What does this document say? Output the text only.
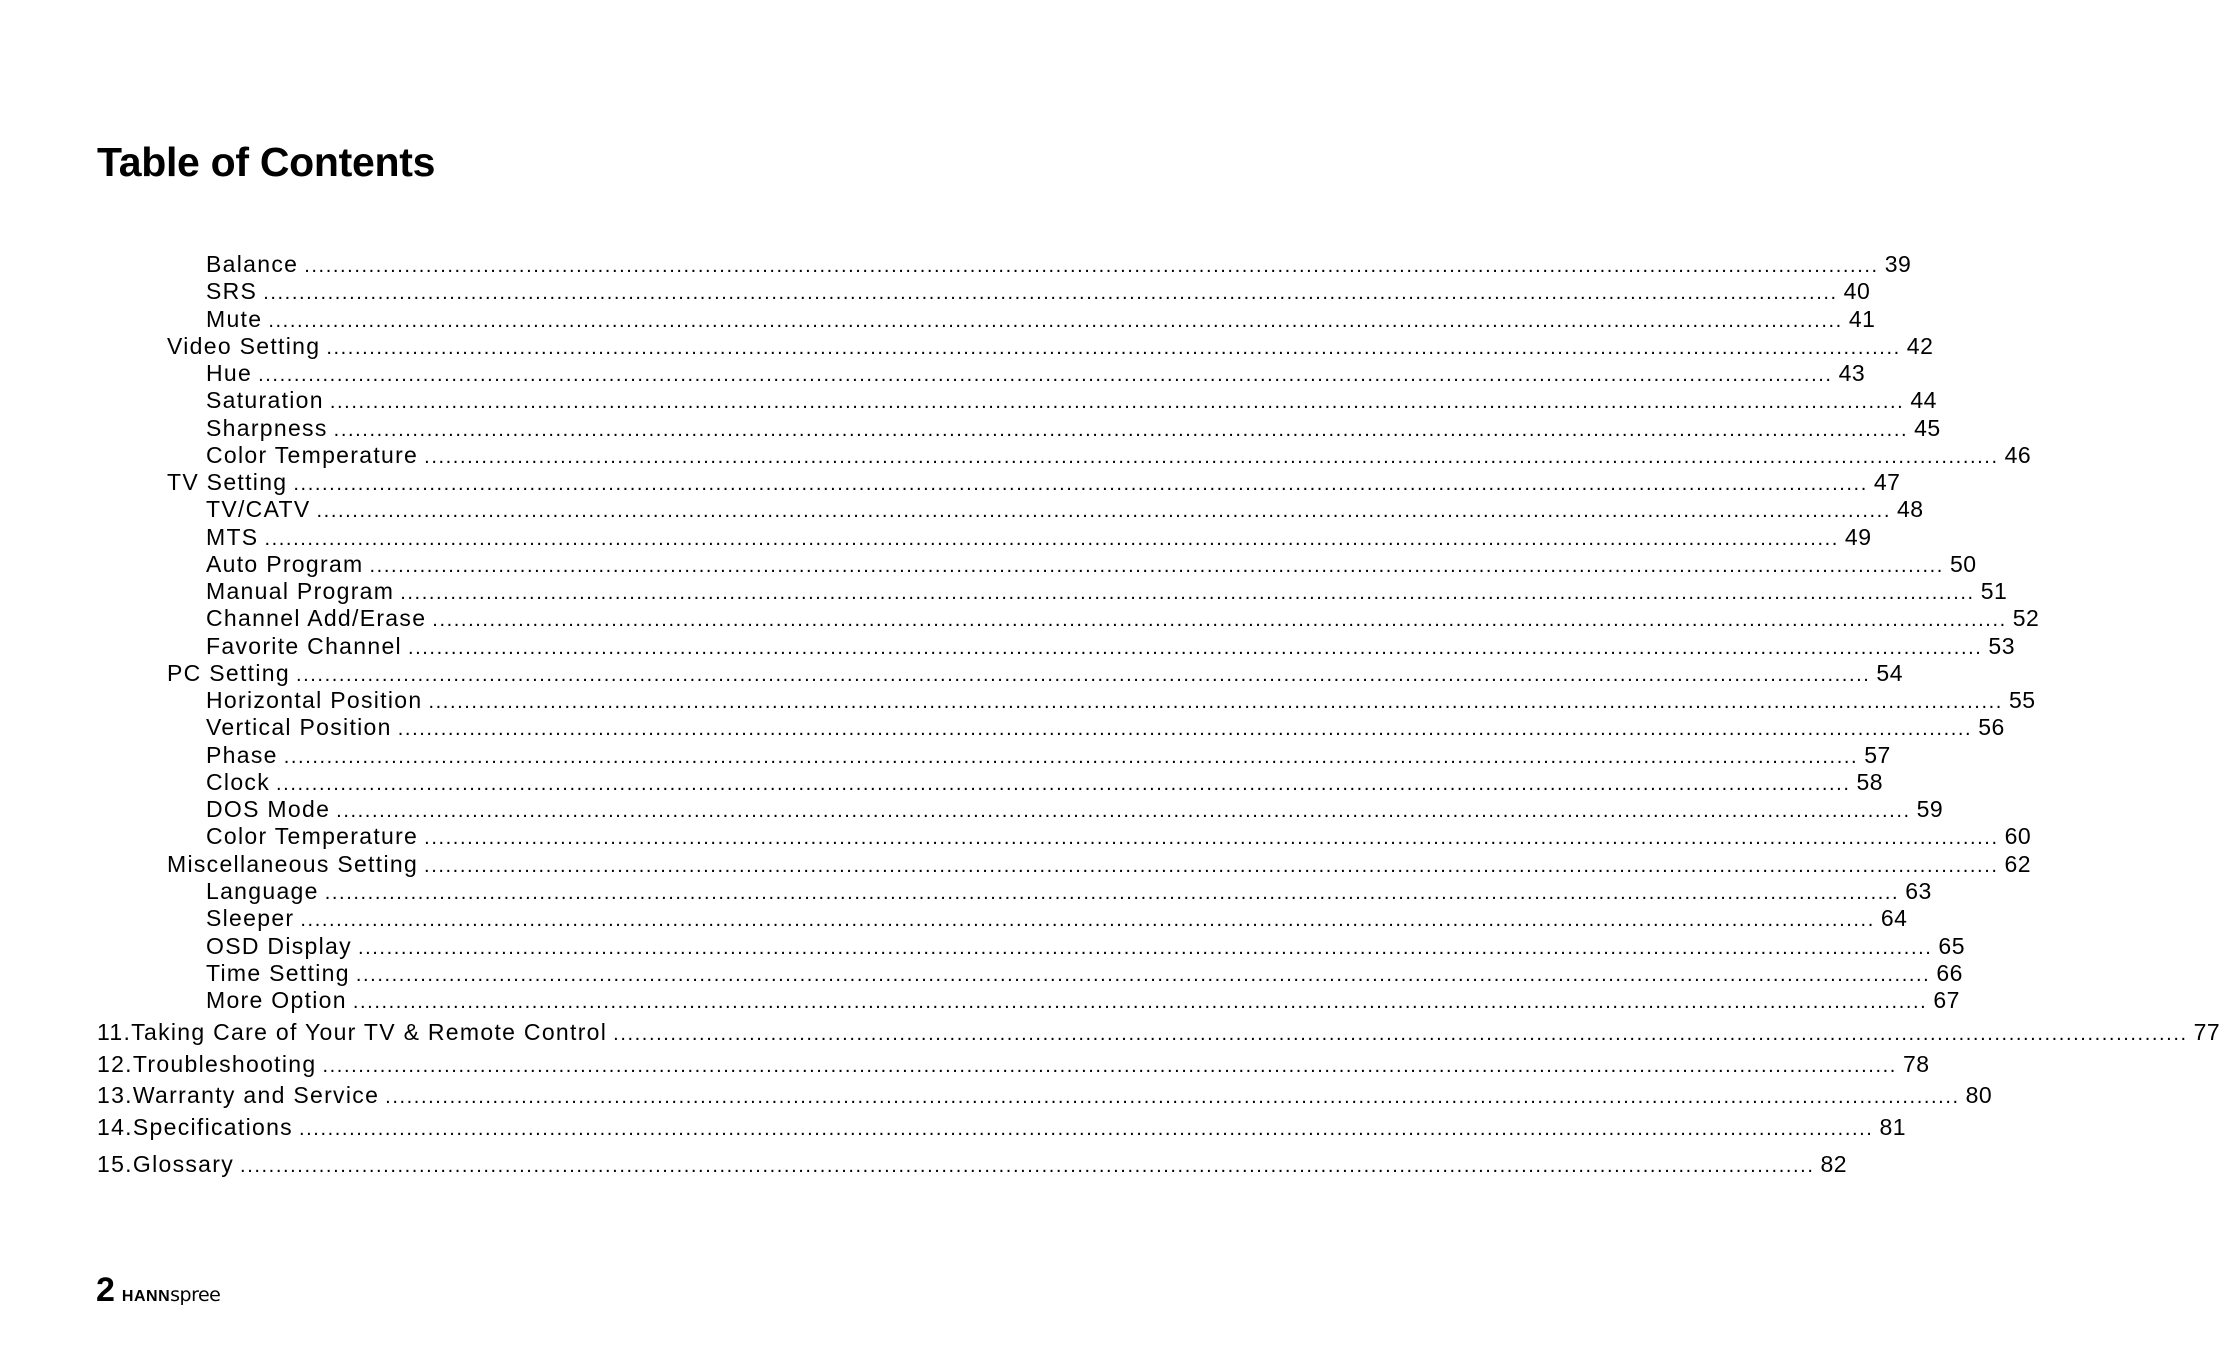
Table of Contents
Balance ............................................................................................................................................................................................................................ 39
SRS ............................................................................................................................................................................................................................ 40
Mute ............................................................................................................................................................................................................................ 41
Video Setting ............................................................................................................................................................................................................................ 42
Hue ............................................................................................................................................................................................................................ 43
Saturation ............................................................................................................................................................................................................................ 44
Sharpness ............................................................................................................................................................................................................................ 45
Color Temperature ............................................................................................................................................................................................................................ 46
TV Setting ............................................................................................................................................................................................................................ 47
TV/CATV ............................................................................................................................................................................................................................ 48
MTS ............................................................................................................................................................................................................................ 49
Auto Program ............................................................................................................................................................................................................................ 50
Manual Program ............................................................................................................................................................................................................................ 51
Channel Add/Erase ............................................................................................................................................................................................................................ 52
Favorite Channel ............................................................................................................................................................................................................................ 53
PC Setting ............................................................................................................................................................................................................................ 54
Horizontal Position ............................................................................................................................................................................................................................ 55
Vertical Position ............................................................................................................................................................................................................................ 56
Phase ............................................................................................................................................................................................................................ 57
Clock ............................................................................................................................................................................................................................ 58
DOS Mode ............................................................................................................................................................................................................................ 59
Color Temperature ............................................................................................................................................................................................................................ 60
Miscellaneous Setting ............................................................................................................................................................................................................................ 62
Language ............................................................................................................................................................................................................................ 63
Sleeper ............................................................................................................................................................................................................................ 64
OSD Display ............................................................................................................................................................................................................................ 65
Time Setting ............................................................................................................................................................................................................................ 66
More Option ............................................................................................................................................................................................................................ 67
11. Taking Care of Your TV & Remote Control ............................................................................................................................................................................................................................ 77
12. Troubleshooting ............................................................................................................................................................................................................................ 78
13. Warranty and Service ............................................................................................................................................................................................................................ 80
14. Specifications ............................................................................................................................................................................................................................ 81
15. Glossary ............................................................................................................................................................................................................................ 82
2 HANNspree
